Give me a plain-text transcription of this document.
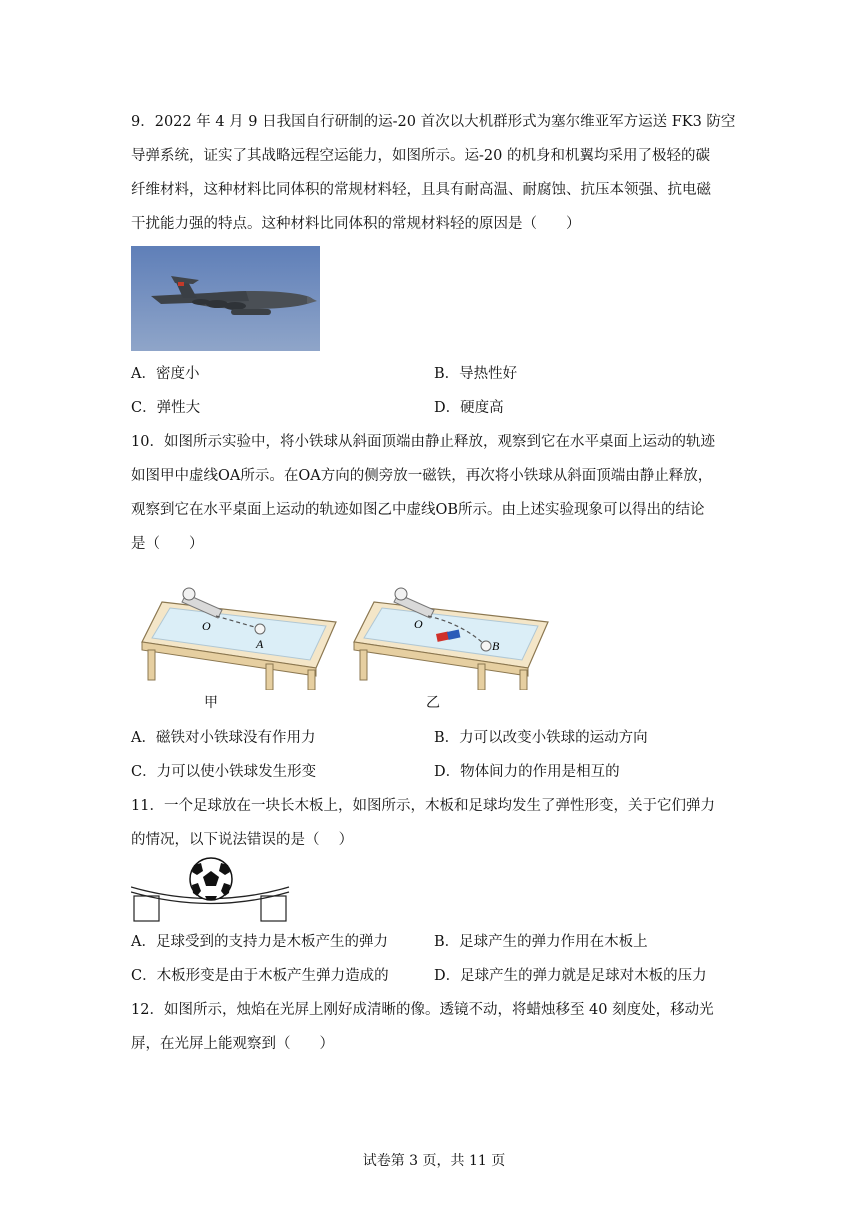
9．2022 年 4 月 9 日我国自行研制的运-20 首次以大机群形式为塞尔维亚军方运送 FK3 防空
导弹系统，证实了其战略远程空运能力，如图所示。运-20 的机身和机翼均采用了极轻的碳
纤维材料，这种材料比同体积的常规材料轻，且具有耐高温、耐腐蚀、抗压本领强、抗电磁
干扰能力强的特点。这种材料比同体积的常规材料轻的原因是（　　）
A．密度小	B．导热性好
C．弹性大	D．硬度高
10．如图所示实验中，将小铁球从斜面顶端由静止释放，观察到它在水平桌面上运动的轨迹
如图甲中虚线OA所示。在OA方向的侧旁放一磁铁，再次将小铁球从斜面顶端由静止释放，
观察到它在水平桌面上运动的轨迹如图乙中虚线OB所示。由上述实验现象可以得出的结论
是（　　）
O
A
O
B
甲	乙
A．磁铁对小铁球没有作用力	B．力可以改变小铁球的运动方向
C．力可以使小铁球发生形变	D．物体间力的作用是相互的
11．一个足球放在一块长木板上，如图所示，木板和足球均发生了弹性形变，关于它们弹力
的情况，以下说法错误的是（　 ）
A．足球受到的支持力是木板产生的弹力	B．足球产生的弹力作用在木板上
C．木板形变是由于木板产生弹力造成的	D．足球产生的弹力就是足球对木板的压力
12．如图所示，烛焰在光屏上刚好成清晰的像。透镜不动，将蜡烛移至 40 刻度处，移动光
屏，在光屏上能观察到（　　）
试卷第 3 页，共 11 页
